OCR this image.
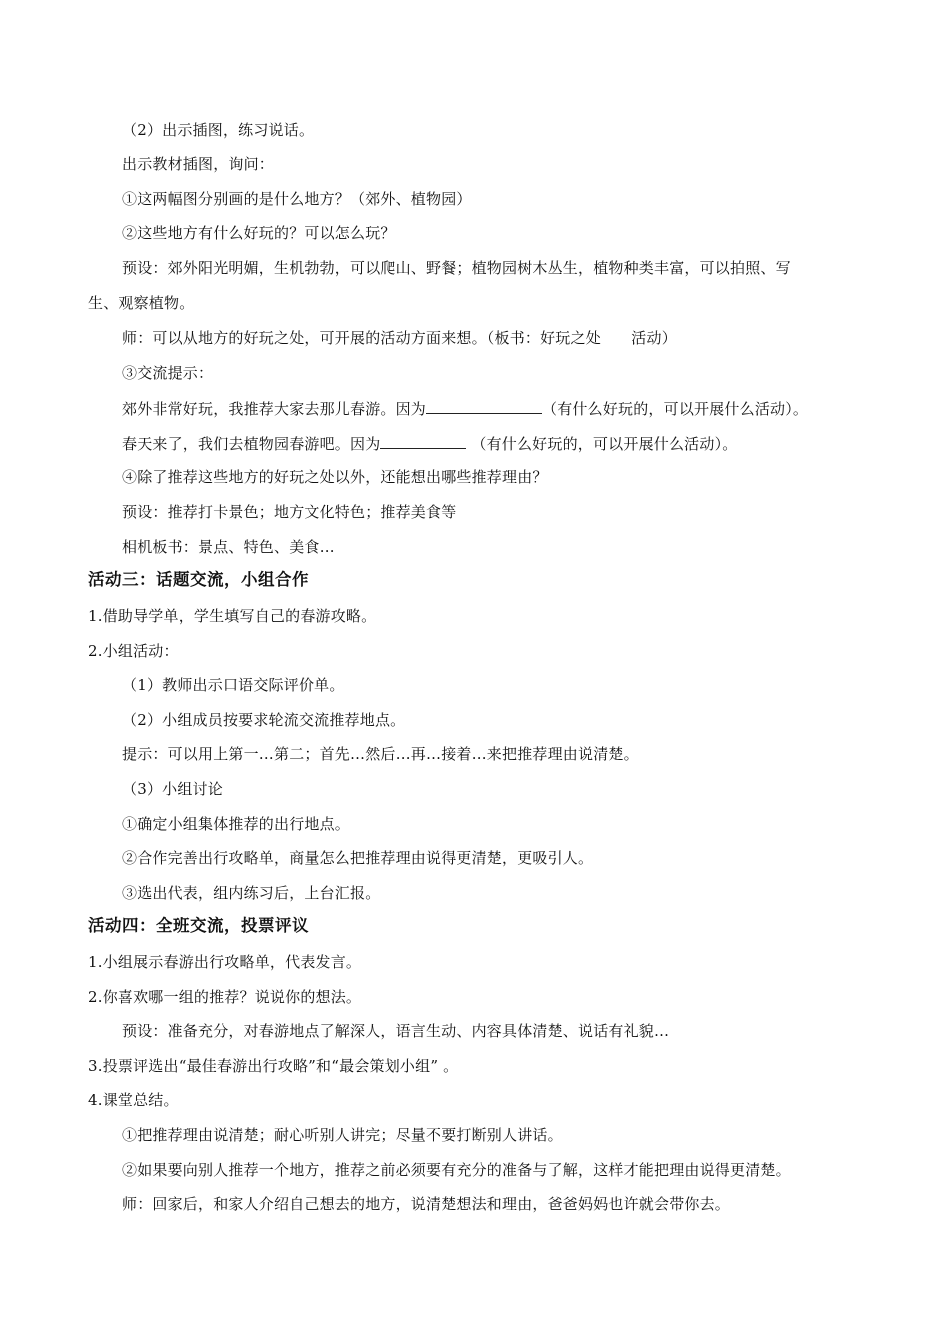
（2）出示插图，练习说话。
出示教材插图，询问：
①这两幅图分别画的是什么地方？（郊外、植物园）
②这些地方有什么好玩的？可以怎么玩？
预设：郊外阳光明媚，生机勃勃，可以爬山、野餐；植物园树木丛生，植物种类丰富，可以拍照、写
生、观察植物。
师：可以从地方的好玩之处，可开展的活动方面来想。（板书：好玩之处　　活动）
③交流提示：
郊外非常好玩，我推荐大家去那儿春游。因为	（有什么好玩的，可以开展什么活动）。
春天来了，我们去植物园春游吧。因为	（有什么好玩的，可以开展什么活动）。
④除了推荐这些地方的好玩之处以外，还能想出哪些推荐理由？
预设：推荐打卡景色；地方文化特色；推荐美食等
相机板书：景点、特色、美食…
活动三：话题交流，小组合作
1.借助导学单，学生填写自己的春游攻略。
2.小组活动：
（1）教师出示口语交际评价单。
（2）小组成员按要求轮流交流推荐地点。
提示：可以用上第一…第二；首先…然后…再…接着…来把推荐理由说清楚。
（3）小组讨论
①确定小组集体推荐的出行地点。
②合作完善出行攻略单，商量怎么把推荐理由说得更清楚，更吸引人。
③选出代表，组内练习后，上台汇报。
活动四：全班交流，投票评议
1.小组展示春游出行攻略单，代表发言。
2.你喜欢哪一组的推荐？说说你的想法。
预设：准备充分，对春游地点了解深人，语言生动、内容具体清楚、说话有礼貌…
3.投票评选出“最佳春游出行攻略”和“最会策划小组” 。
4.课堂总结。
①把推荐理由说清楚；耐心听别人讲完；尽量不要打断别人讲话。
②如果要向别人推荐一个地方，推荐之前必须要有充分的准备与了解，这样才能把理由说得更清楚。
师：回家后，和家人介绍自己想去的地方，说清楚想法和理由，爸爸妈妈也许就会带你去。
